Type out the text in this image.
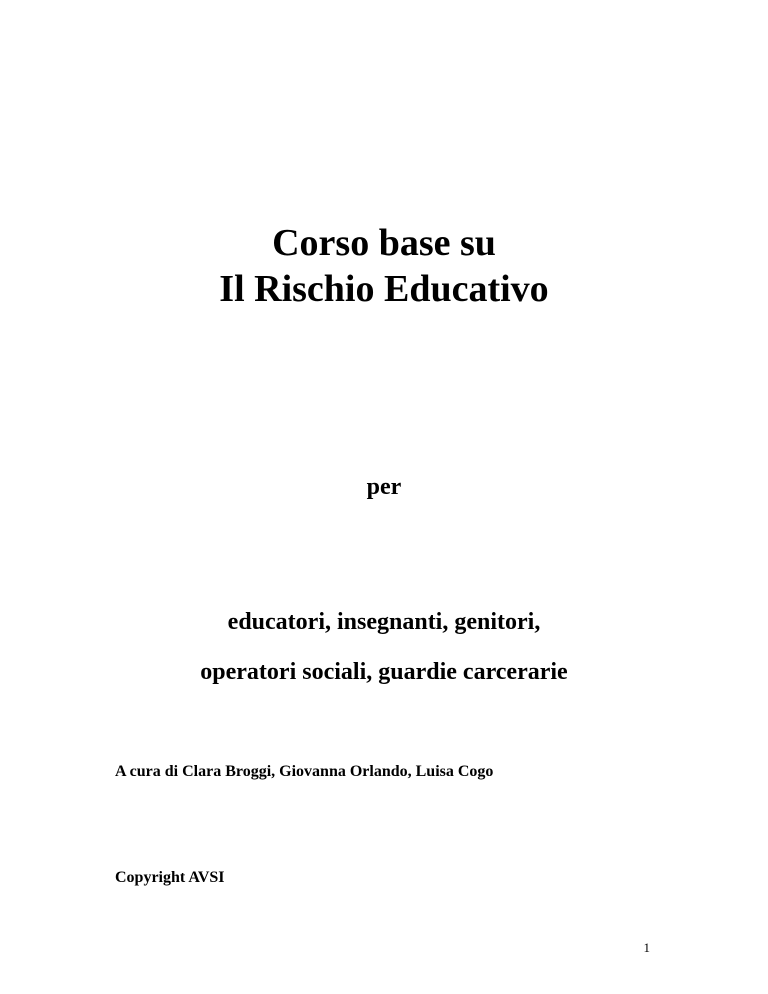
Corso base su
Il Rischio Educativo

per

educatori, insegnanti, genitori,
operatori sociali, guardie carcerarie

A cura di Clara Broggi, Giovanna Orlando, Luisa Cogo

Copyright AVSI

1
